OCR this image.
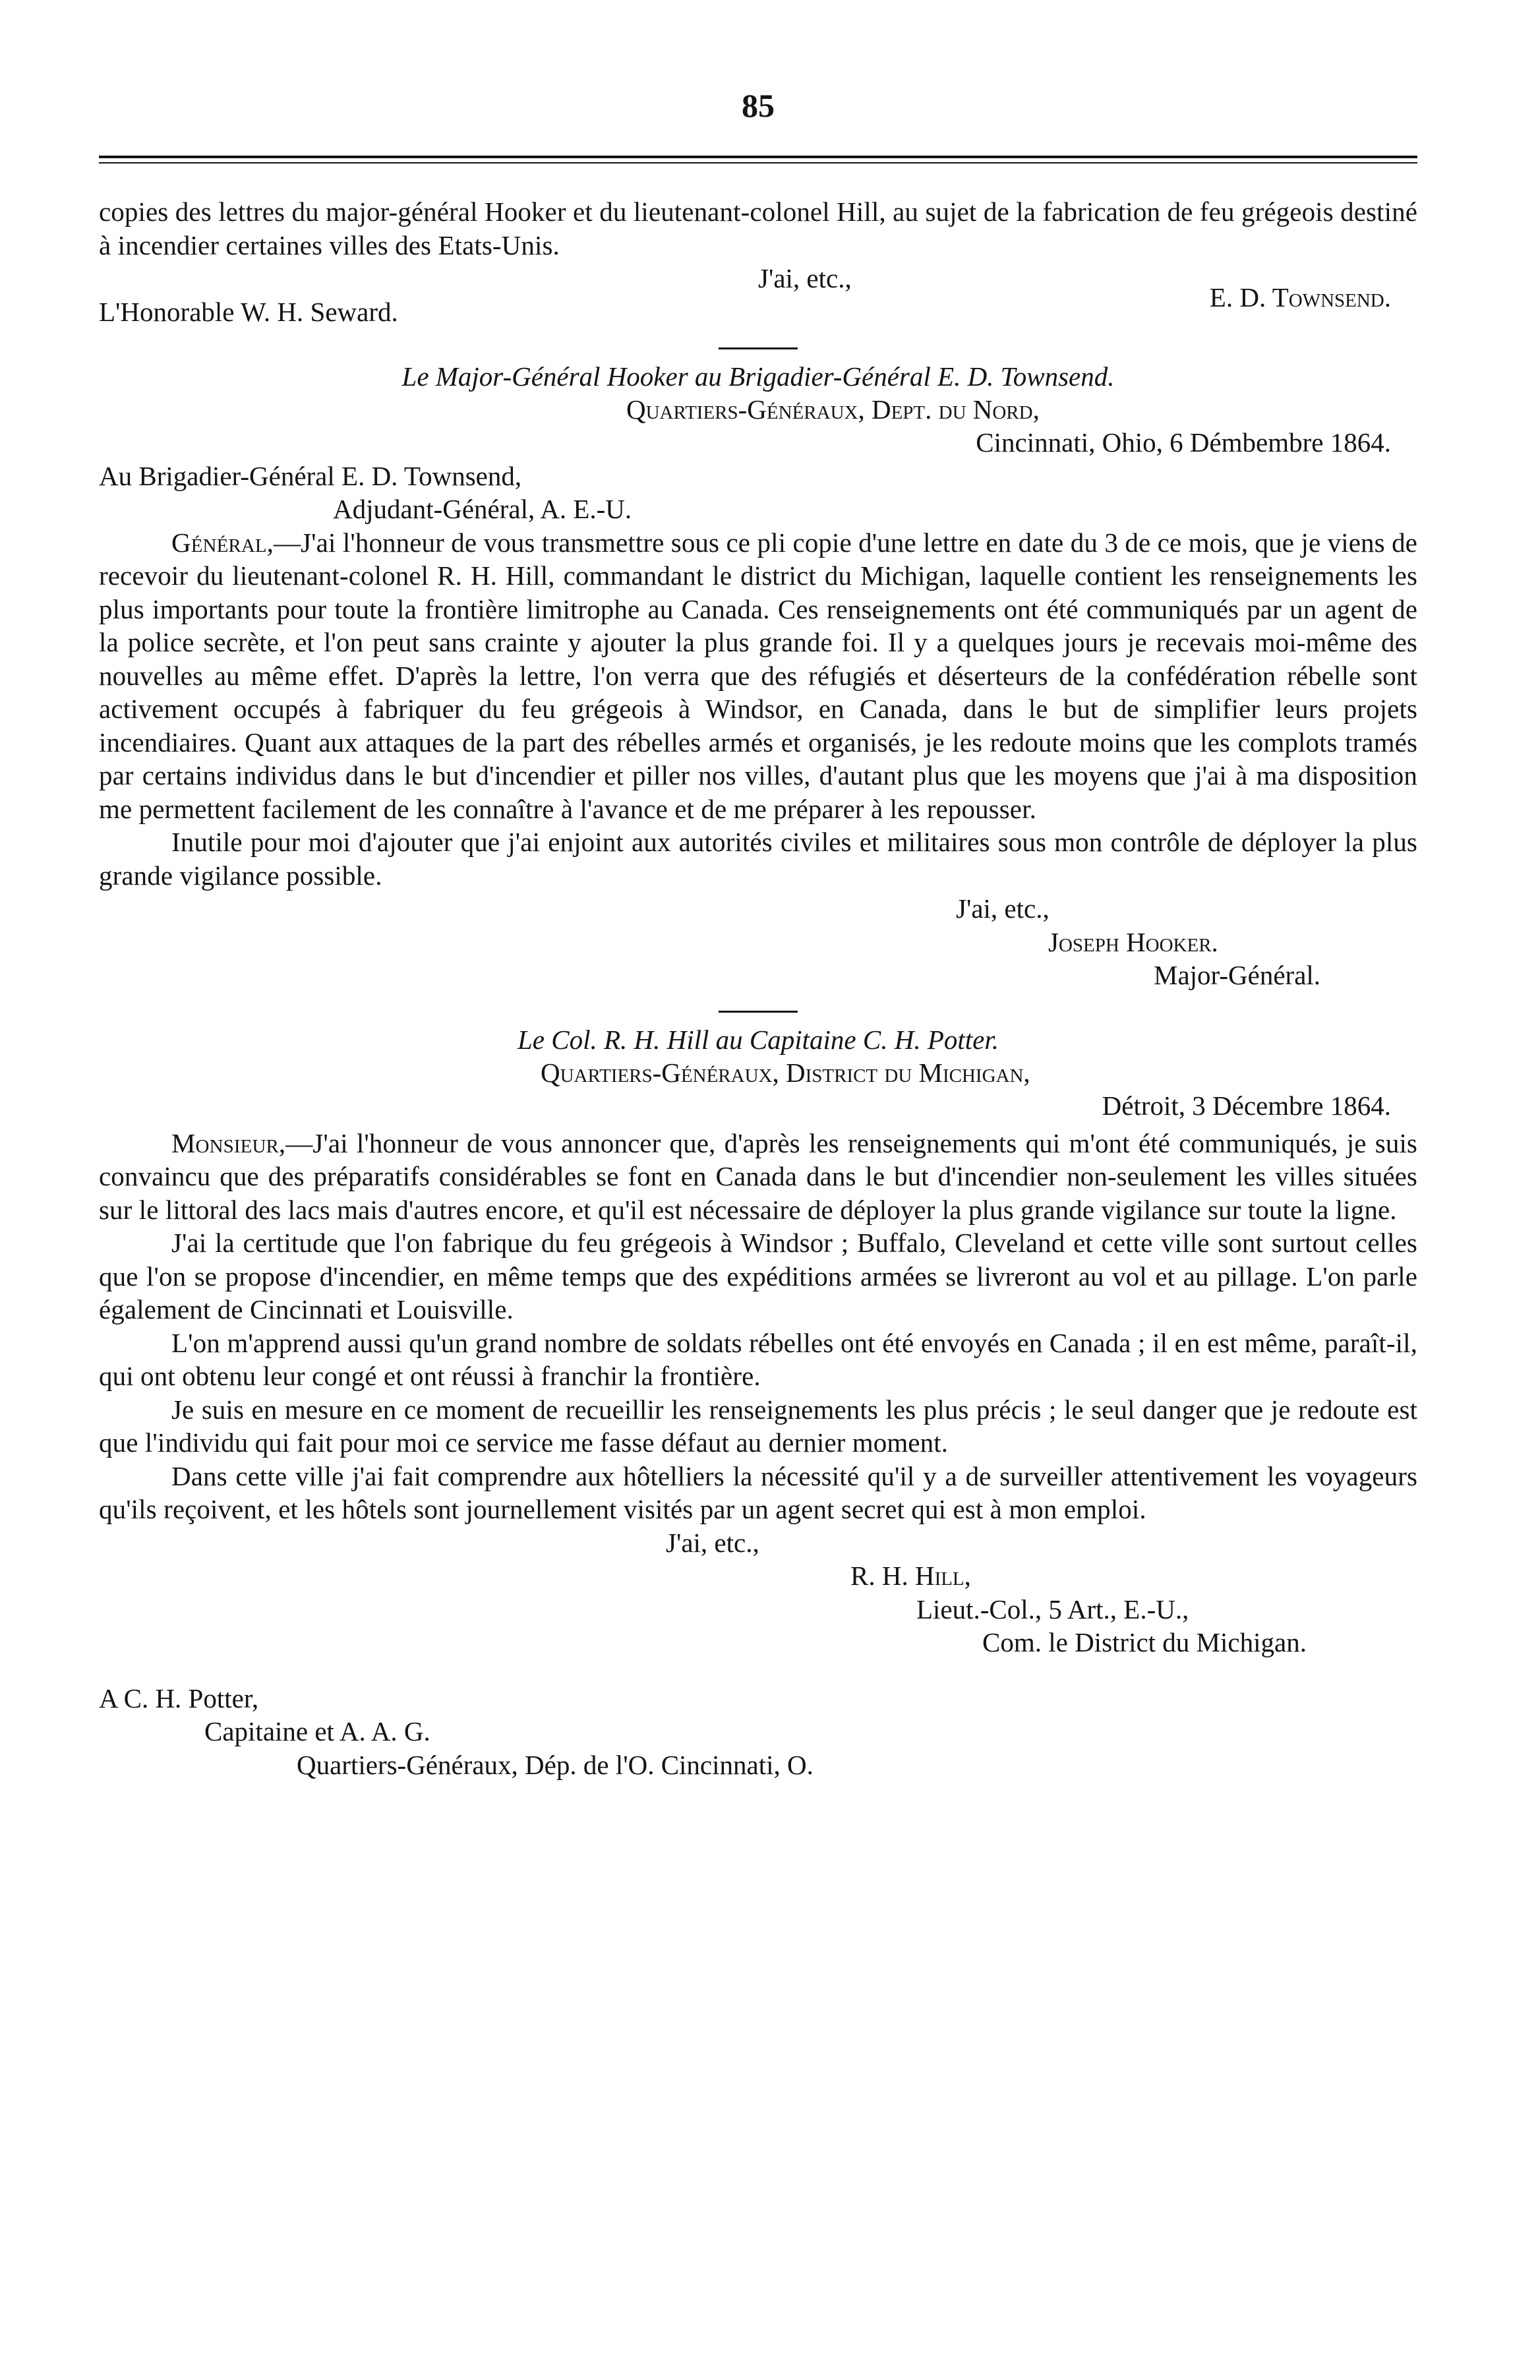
85

copies des lettres du major-général Hooker et du lieutenant-colonel Hill, au sujet de la fabrication de feu grégeois destiné à incendier certaines villes des Etats-Unis.

J'ai, etc.,
E. D. Townsend.
L'Honorable W. H. Seward.
Le Major-Général Hooker au Brigadier-Général E. D. Townsend.
Quartiers-Généraux, Dept. du Nord,
Cincinnati, Ohio, 6 Démbembre 1864.
Au Brigadier-Général E. D. Townsend,
Adjudant-Général, A. E.-U.

Général,—J'ai l'honneur de vous transmettre sous ce pli copie d'une lettre en date du 3 de ce mois, que je viens de recevoir du lieutenant-colonel R. H. Hill, commandant le district du Michigan, laquelle contient les renseignements les plus importants pour toute la frontière limitrophe au Canada. Ces renseignements ont été communiqués par un agent de la police secrète, et l'on peut sans crainte y ajouter la plus grande foi. Il y a quelques jours je recevais moi-même des nouvelles au même effet. D'après la lettre, l'on verra que des réfugiés et déserteurs de la confédération rébelle sont activement occupés à fabriquer du feu grégeois à Windsor, en Canada, dans le but de simplifier leurs projets incendiaires. Quant aux attaques de la part des rébelles armés et organisés, je les redoute moins que les complots tramés par certains individus dans le but d'incendier et piller nos villes, d'autant plus que les moyens que j'ai à ma disposition me permettent facilement de les connaître à l'avance et de me préparer à les repousser.

Inutile pour moi d'ajouter que j'ai enjoint aux autorités civiles et militaires sous mon contrôle de déployer la plus grande vigilance possible.

J'ai, etc.,
Joseph Hooker.
Major-Général.
Le Col. R. H. Hill au Capitaine C. H. Potter.
Quartiers-Généraux, District du Michigan,
Détroit, 3 Décembre 1864.

Monsieur,—J'ai l'honneur de vous annoncer que, d'après les renseignements qui m'ont été communiqués, je suis convaincu que des préparatifs considérables se font en Canada dans le but d'incendier non-seulement les villes situées sur le littoral des lacs mais d'autres encore, et qu'il est nécessaire de déployer la plus grande vigilance sur toute la ligne.

J'ai la certitude que l'on fabrique du feu grégeois à Windsor ; Buffalo, Cleveland et cette ville sont surtout celles que l'on se propose d'incendier, en même temps que des expéditions armées se livreront au vol et au pillage. L'on parle également de Cincinnati et Louisville.

L'on m'apprend aussi qu'un grand nombre de soldats rébelles ont été envoyés en Canada ; il en est même, paraît-il, qui ont obtenu leur congé et ont réussi à franchir la frontière.

Je suis en mesure en ce moment de recueillir les renseignements les plus précis ; le seul danger que je redoute est que l'individu qui fait pour moi ce service me fasse défaut au dernier moment.

Dans cette ville j'ai fait comprendre aux hôtelliers la nécessité qu'il y a de surveiller attentivement les voyageurs qu'ils reçoivent, et les hôtels sont journellement visités par un agent secret qui est à mon emploi.

J'ai, etc.,
R. H. Hill,
Lieut.-Col., 5 Art., E.-U.,
Com. le District du Michigan.
A C. H. Potter,
Capitaine et A. A. G.
Quartiers-Généraux, Dép. de l'O. Cincinnati, O.
